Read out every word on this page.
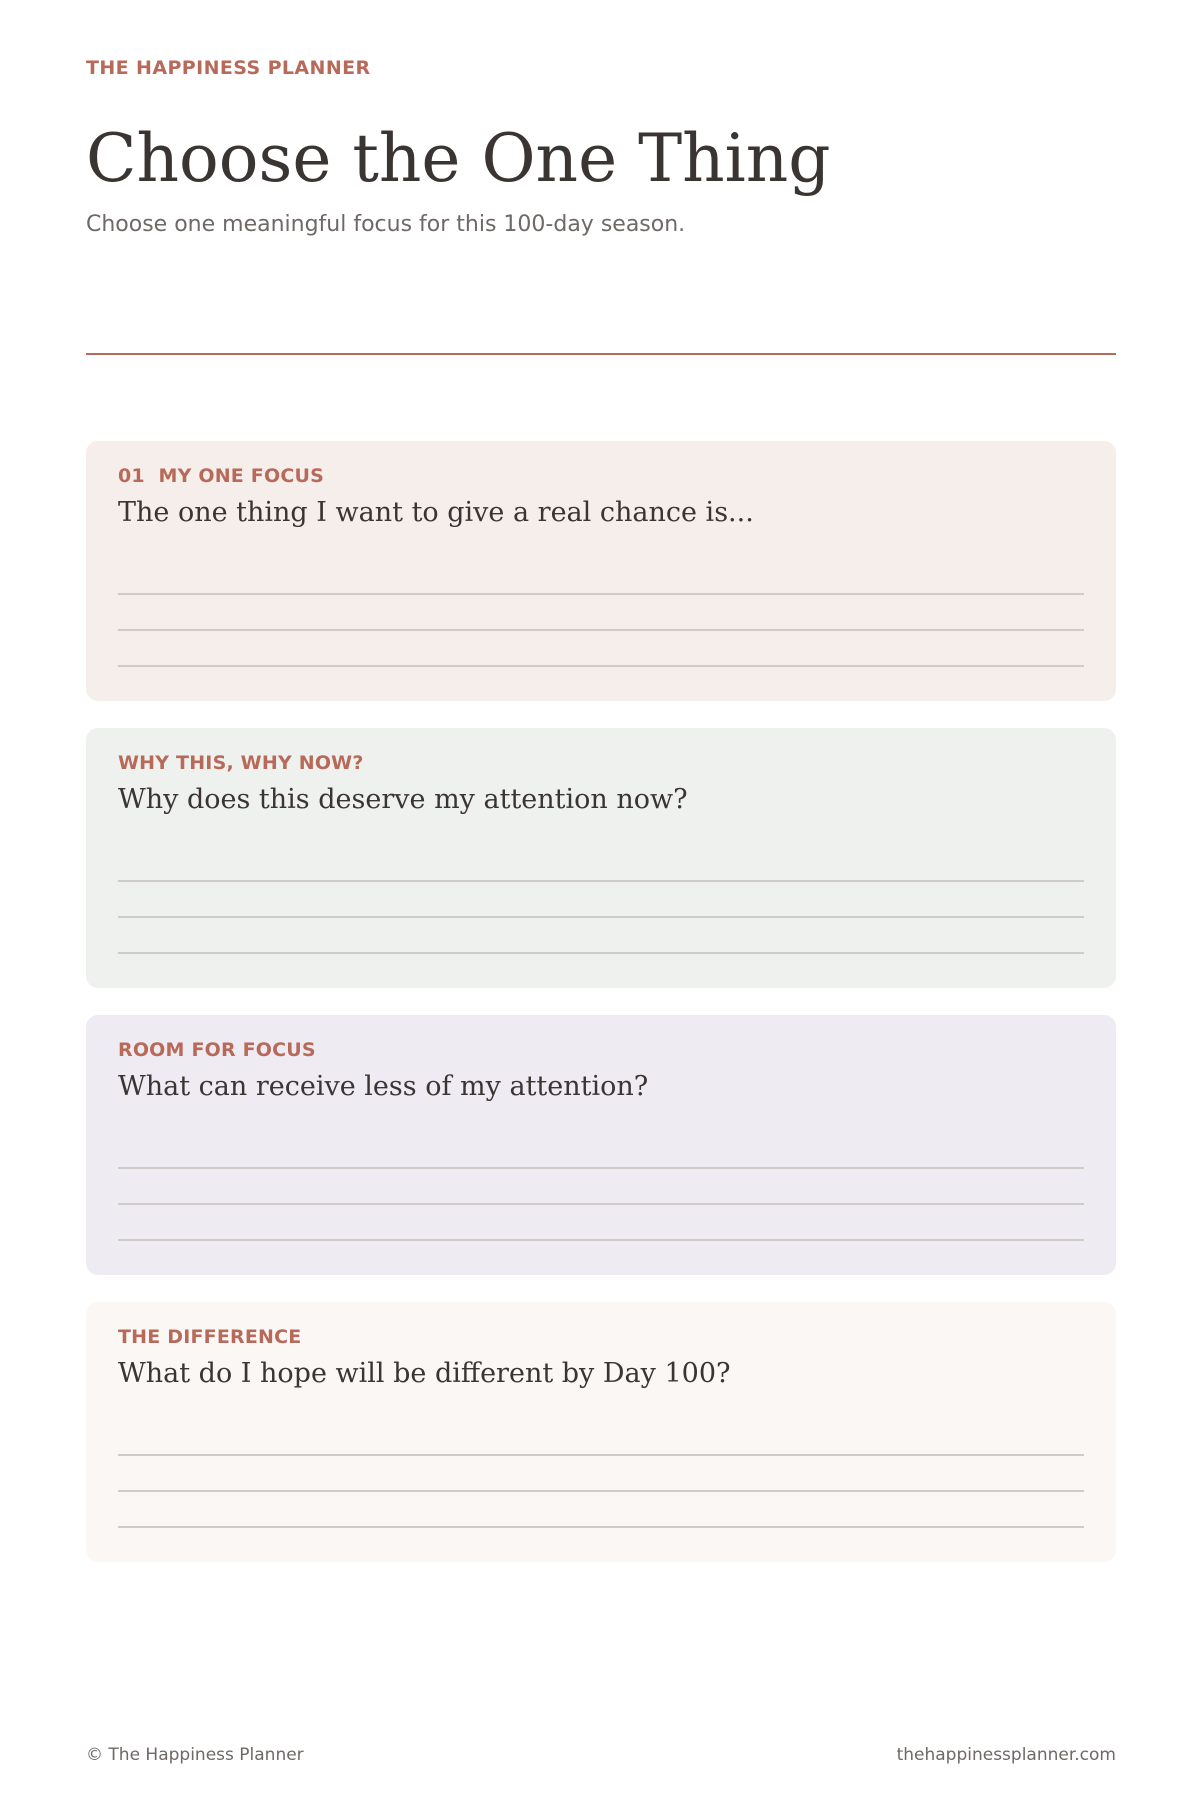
THE HAPPINESS PLANNER
Choose the One Thing
Choose one meaningful focus for this 100-day season.
01  MY ONE FOCUS
The one thing I want to give a real chance is...
WHY THIS, WHY NOW?
Why does this deserve my attention now?
ROOM FOR FOCUS
What can receive less of my attention?
THE DIFFERENCE
What do I hope will be different by Day 100?
© The Happiness Planner	thehappinessplanner.com
